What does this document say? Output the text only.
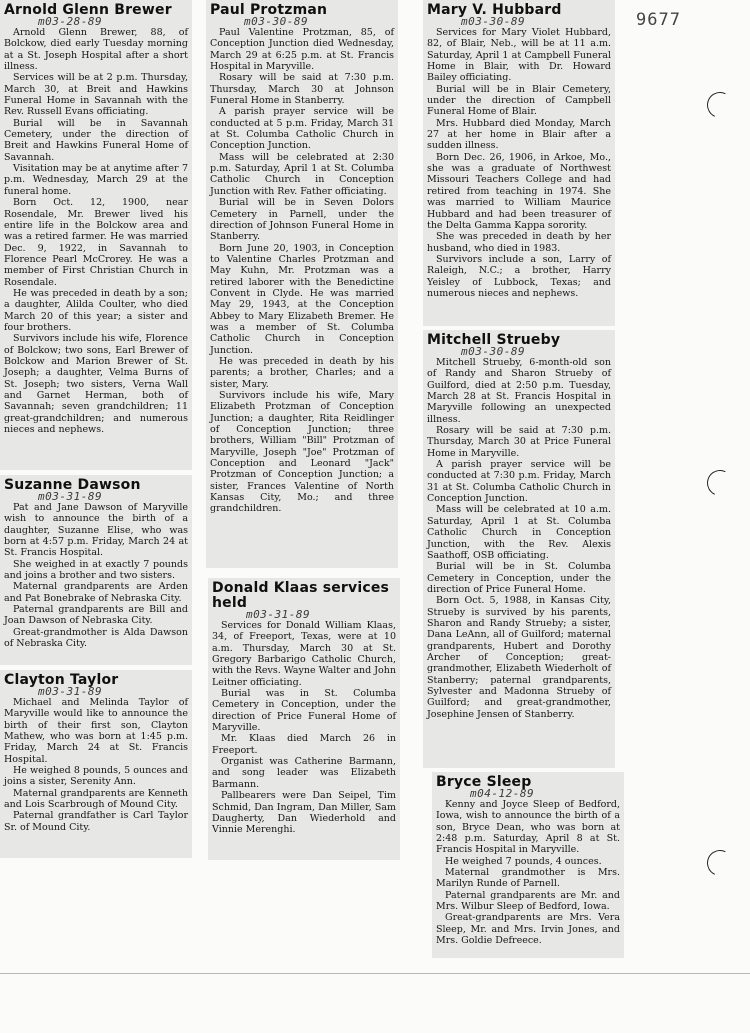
9677
Arnold Glenn Brewer
m03-28-89

Arnold Glenn Brewer, 88, of Bolckow, died early Tuesday morning at a St. Joseph Hospital after a short illness.

Services will be at 2 p.m. Thursday, March 30, at Breit and Hawkins Funeral Home in Savannah with the Rev. Russell Evans officiating.

Burial will be in Savannah Cemetery, under the direction of Breit and Hawkins Funeral Home of Savannah.

Visitation may be at anytime after 7 p.m. Wednesday, March 29 at the funeral home.

Born Oct. 12, 1900, near Rosendale, Mr. Brewer lived his entire life in the Bolckow area and was a retired farmer. He was married Dec. 9, 1922, in Savannah to Florence Pearl McCrorey. He was a member of First Christian Church in Rosendale.

He was preceded in death by a son; a daughter, Alilda Coulter, who died March 20 of this year; a sister and four brothers.

Survivors include his wife, Florence of Bolckow; two sons, Earl Brewer of Bolckow and Marion Brewer of St. Joseph; a daughter, Velma Burns of St. Joseph; two sisters, Verna Wall and Garnet Herman, both of Savannah; seven grandchildren; 11 great-grandchildren; and numerous nieces and nephews.

Suzanne Dawson
m03-31-89

Pat and Jane Dawson of Maryville wish to announce the birth of a daughter, Suzanne Elise, who was born at 4:57 p.m. Friday, March 24 at St. Francis Hospital.

She weighed in at exactly 7 pounds and joins a brother and two sisters.

Maternal grandparents are Arden and Pat Bonebrake of Nebraska City.

Paternal grandparents are Bill and Joan Dawson of Nebraska City.

Great-grandmother is Alda Dawson of Nebraska City.

Clayton Taylor
m03-31-89

Michael and Melinda Taylor of Maryville would like to announce the birth of their first son, Clayton Mathew, who was born at 1:45 p.m. Friday, March 24 at St. Francis Hospital.

He weighed 8 pounds, 5 ounces and joins a sister, Serenity Ann.

Maternal grandparents are Kenneth and Lois Scarbrough of Mound City.

Paternal grandfather is Carl Taylor Sr. of Mound City.

Paul Protzman
m03-30-89

Paul Valentine Protzman, 85, of Conception Junction died Wednesday, March 29 at 6:25 p.m. at St. Francis Hospital in Maryville.

Rosary will be said at 7:30 p.m. Thursday, March 30 at Johnson Funeral Home in Stanberry.

A parish prayer service will be conducted at 5 p.m. Friday, March 31 at St. Columba Catholic Church in Conception Junction.

Mass will be celebrated at 2:30 p.m. Saturday, April 1 at St. Columba Catholic Church in Conception Junction with Rev. Father officiating.

Burial will be in Seven Dolors Cemetery in Parnell, under the direction of Johnson Funeral Home in Stanberry.

Born June 20, 1903, in Conception to Valentine Charles Protzman and May Kuhn, Mr. Protzman was a retired laborer with the Benedictine Convent in Clyde. He was married May 29, 1943, at the Conception Abbey to Mary Elizabeth Bremer. He was a member of St. Columba Catholic Church in Conception Junction.

He was preceded in death by his parents; a brother, Charles; and a sister, Mary.

Survivors include his wife, Mary Elizabeth Protzman of Conception Junction; a daughter, Rita Reidlinger of Conception Junction; three brothers, William "Bill" Protzman of Maryville, Joseph "Joe" Protzman of Conception and Leonard "Jack" Protzman of Conception Junction; a sister, Frances Valentine of North Kansas City, Mo.; and three grandchildren.

Donald Klaas services held
m03-31-89

Services for Donald William Klaas, 34, of Freeport, Texas, were at 10 a.m. Thursday, March 30 at St. Gregory Barbarigo Catholic Church, with the Revs. Wayne Walter and John Leitner officiating.

Burial was in St. Columba Cemetery in Conception, under the direction of Price Funeral Home of Maryville.

Mr. Klaas died March 26 in Freeport.

Organist was Catherine Barmann, and song leader was Elizabeth Barmann.

Pallbearers were Dan Seipel, Tim Schmid, Dan Ingram, Dan Miller, Sam Daugherty, Dan Wiederhold and Vinnie Merenghi.

Mary V. Hubbard
m03-30-89

Services for Mary Violet Hubbard, 82, of Blair, Neb., will be at 11 a.m. Saturday, April 1 at Campbell Funeral Home in Blair, with Dr. Howard Bailey officiating.

Burial will be in Blair Cemetery, under the direction of Campbell Funeral Home of Blair.

Mrs. Hubbard died Monday, March 27 at her home in Blair after a sudden illness.

Born Dec. 26, 1906, in Arkoe, Mo., she was a graduate of Northwest Missouri Teachers College and had retired from teaching in 1974. She was married to William Maurice Hubbard and had been treasurer of the Delta Gamma Kappa sorority.

She was preceded in death by her husband, who died in 1983.

Survivors include a son, Larry of Raleigh, N.C.; a brother, Harry Yeisley of Lubbock, Texas; and numerous nieces and nephews.

Mitchell Strueby
m03-30-89

Mitchell Strueby, 6-month-old son of Randy and Sharon Strueby of Guilford, died at 2:50 p.m. Tuesday, March 28 at St. Francis Hospital in Maryville following an unexpected illness.

Rosary will be said at 7:30 p.m. Thursday, March 30 at Price Funeral Home in Maryville.

A parish prayer service will be conducted at 7:30 p.m. Friday, March 31 at St. Columba Catholic Church in Conception Junction.

Mass will be celebrated at 10 a.m. Saturday, April 1 at St. Columba Catholic Church in Conception Junction, with the Rev. Alexis Saathoff, OSB officiating.

Burial will be in St. Columba Cemetery in Conception, under the direction of Price Funeral Home.

Born Oct. 5, 1988, in Kansas City, Strueby is survived by his parents, Sharon and Randy Strueby; a sister, Dana LeAnn, all of Guilford; maternal grandparents, Hubert and Dorothy Archer of Conception; great-grandmother, Elizabeth Wiederholt of Stanberry; paternal grandparents, Sylvester and Madonna Strueby of Guilford; and great-grandmother, Josephine Jensen of Stanberry.

Bryce Sleep
m04-12-89

Kenny and Joyce Sleep of Bedford, Iowa, wish to announce the birth of a son, Bryce Dean, who was born at 2:48 p.m. Saturday, April 8 at St. Francis Hospital in Maryville.

He weighed 7 pounds, 4 ounces.

Maternal grandmother is Mrs. Marilyn Runde of Parnell.

Paternal grandparents are Mr. and Mrs. Wilbur Sleep of Bedford, Iowa.

Great-grandparents are Mrs. Vera Sleep, Mr. and Mrs. Irvin Jones, and Mrs. Goldie Defreece.
